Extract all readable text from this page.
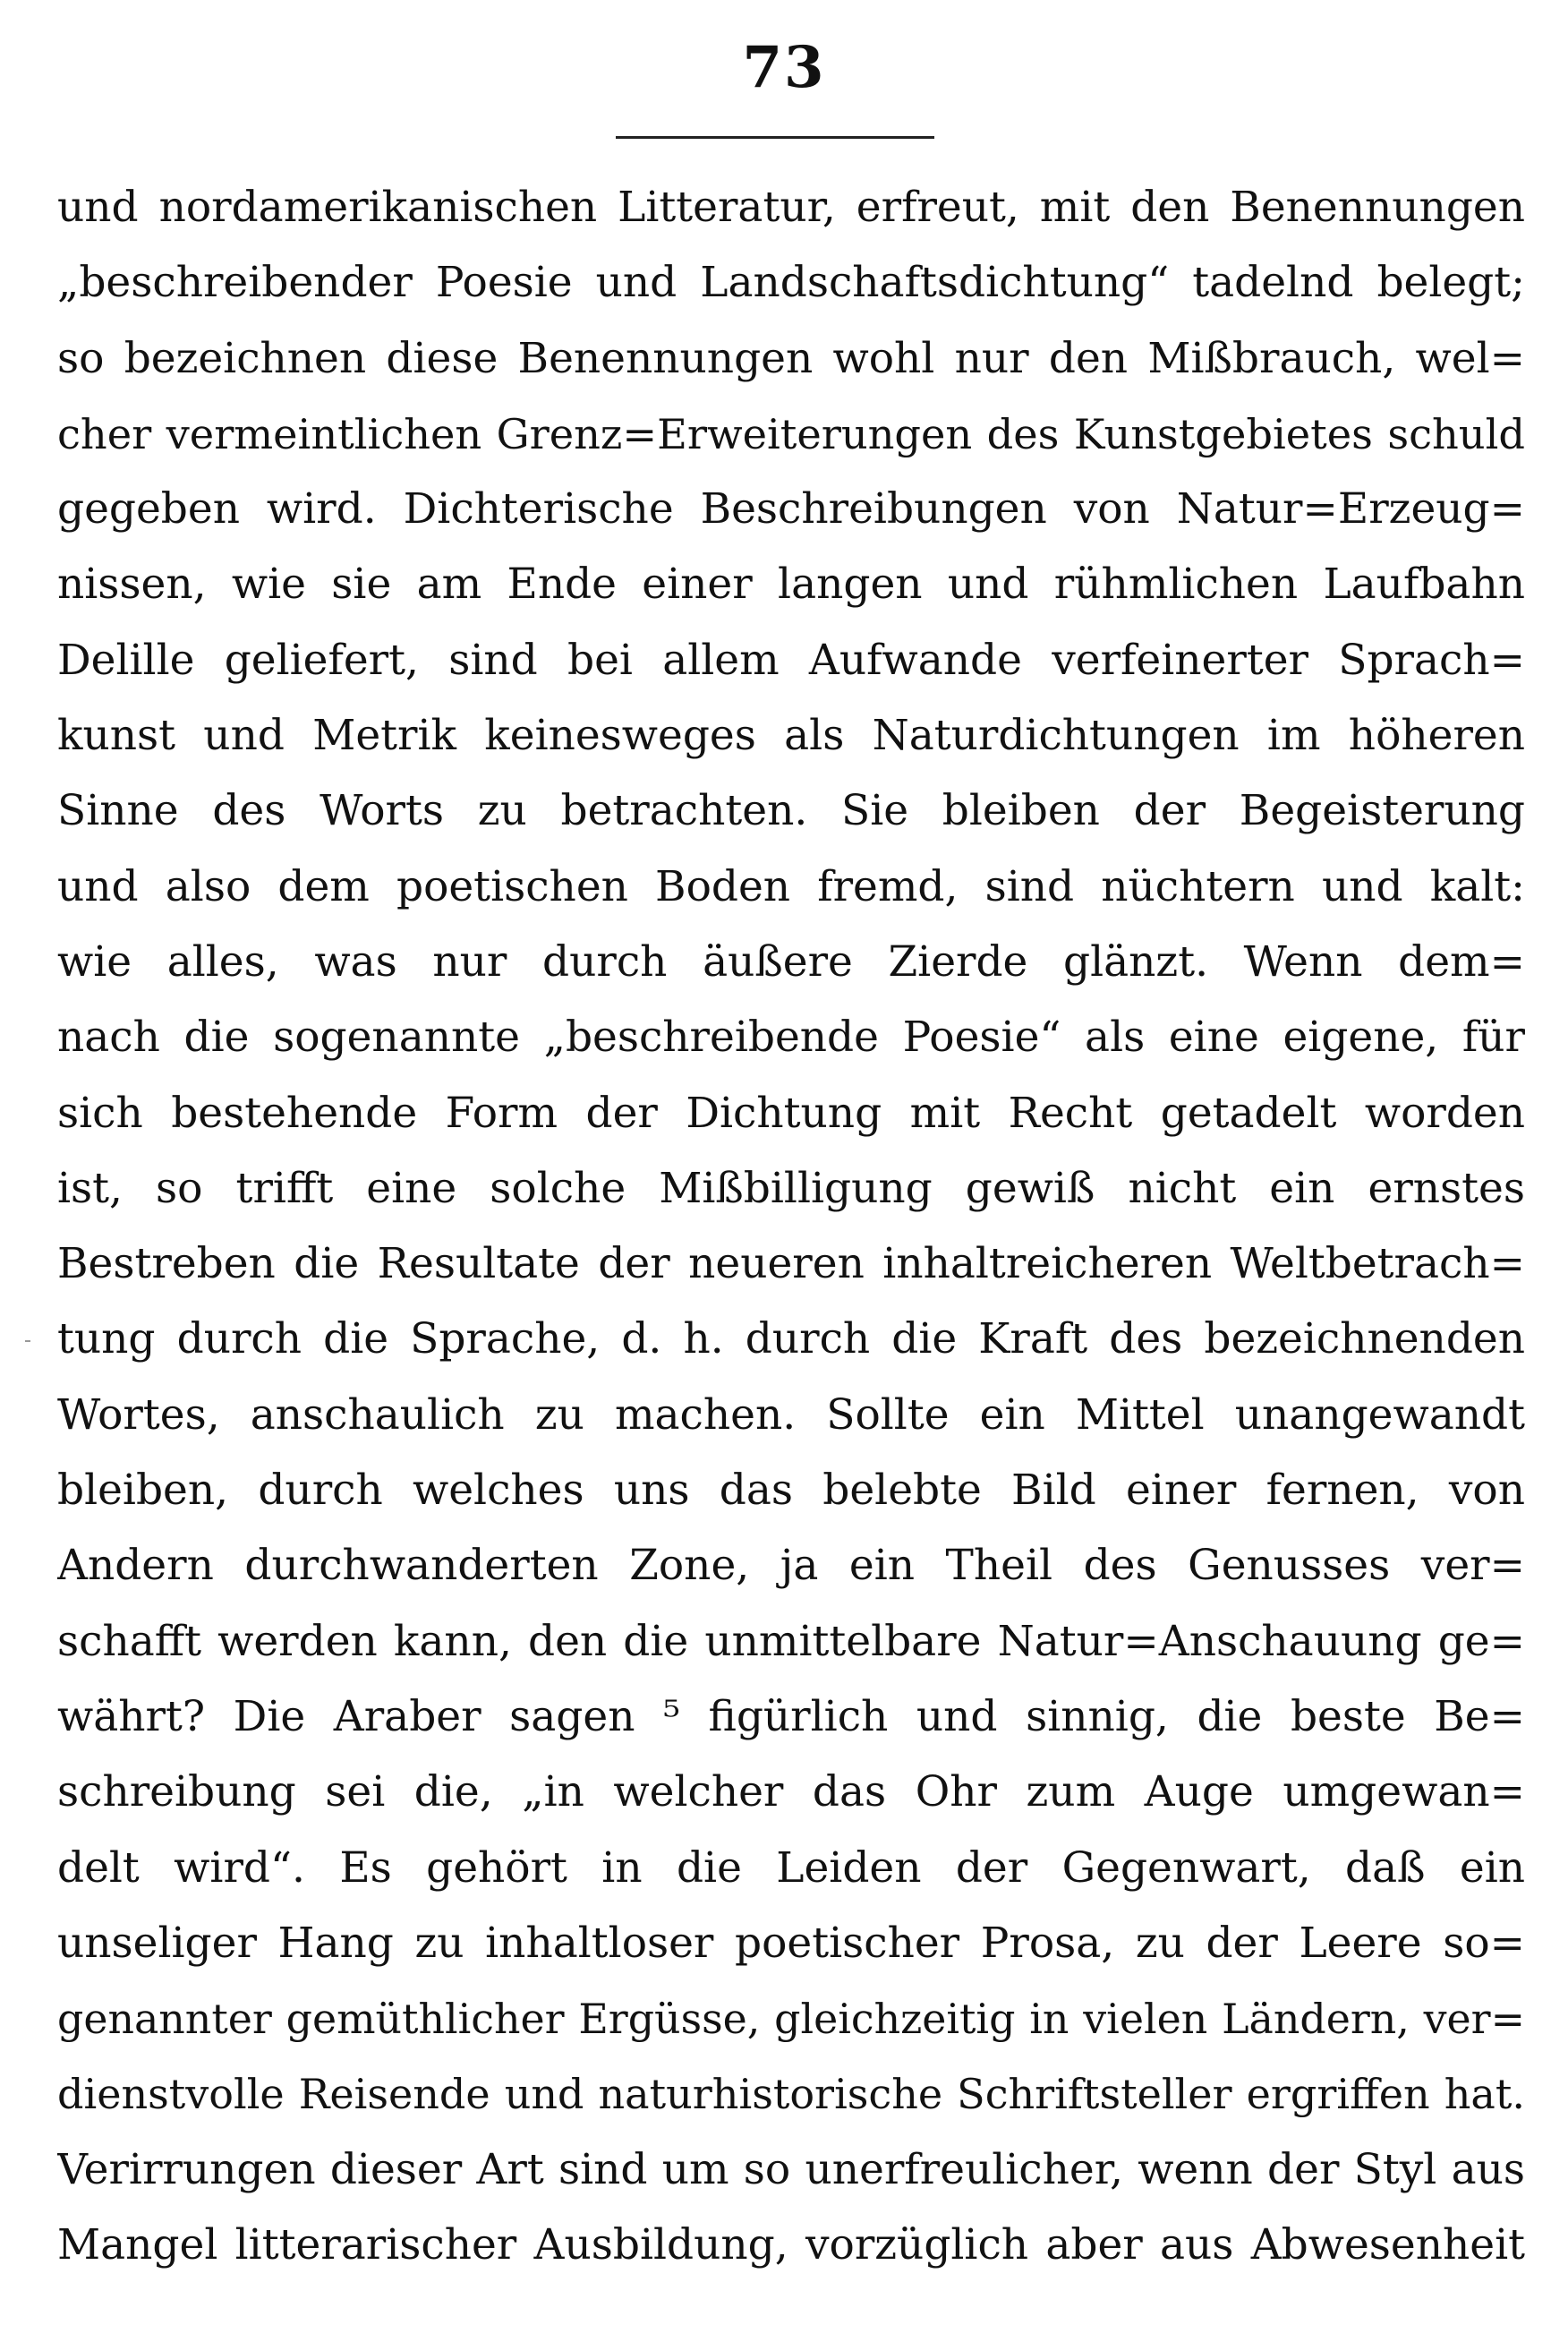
73
und nordamerikanischen Litteratur, erfreut, mit den Benennungen
„beschreibender Poesie und Landschaftsdichtung“ tadelnd belegt;
so bezeichnen diese Benennungen wohl nur den Mißbrauch, wel=
cher vermeintlichen Grenz=Erweiterungen des Kunstgebietes schuld
gegeben wird. Dichterische Beschreibungen von Natur=Erzeug=
nissen, wie sie am Ende einer langen und rühmlichen Laufbahn
Delille geliefert, sind bei allem Aufwande verfeinerter Sprach=
kunst und Metrik keinesweges als Naturdichtungen im höheren
Sinne des Worts zu betrachten. Sie bleiben der Begeisterung
und also dem poetischen Boden fremd, sind nüchtern und kalt:
wie alles, was nur durch äußere Zierde glänzt. Wenn dem=
nach die sogenannte „beschreibende Poesie“ als eine eigene, für
sich bestehende Form der Dichtung mit Recht getadelt worden
ist, so trifft eine solche Mißbilligung gewiß nicht ein ernstes
Bestreben die Resultate der neueren inhaltreicheren Weltbetrach=
tung durch die Sprache, d. h. durch die Kraft des bezeichnenden
Wortes, anschaulich zu machen. Sollte ein Mittel unangewandt
bleiben, durch welches uns das belebte Bild einer fernen, von
Andern durchwanderten Zone, ja ein Theil des Genusses ver=
schafft werden kann, den die unmittelbare Natur=Anschauung ge=
währt? Die Araber sagen ⁵ figürlich und sinnig, die beste Be=
schreibung sei die, „in welcher das Ohr zum Auge umgewan=
delt wird“. Es gehört in die Leiden der Gegenwart, daß ein
unseliger Hang zu inhaltloser poetischer Prosa, zu der Leere so=
genannter gemüthlicher Ergüsse, gleichzeitig in vielen Ländern, ver=
dienstvolle Reisende und naturhistorische Schriftsteller ergriffen hat.
Verirrungen dieser Art sind um so unerfreulicher, wenn der Styl aus
Mangel litterarischer Ausbildung, vorzüglich aber aus Abwesenheit
